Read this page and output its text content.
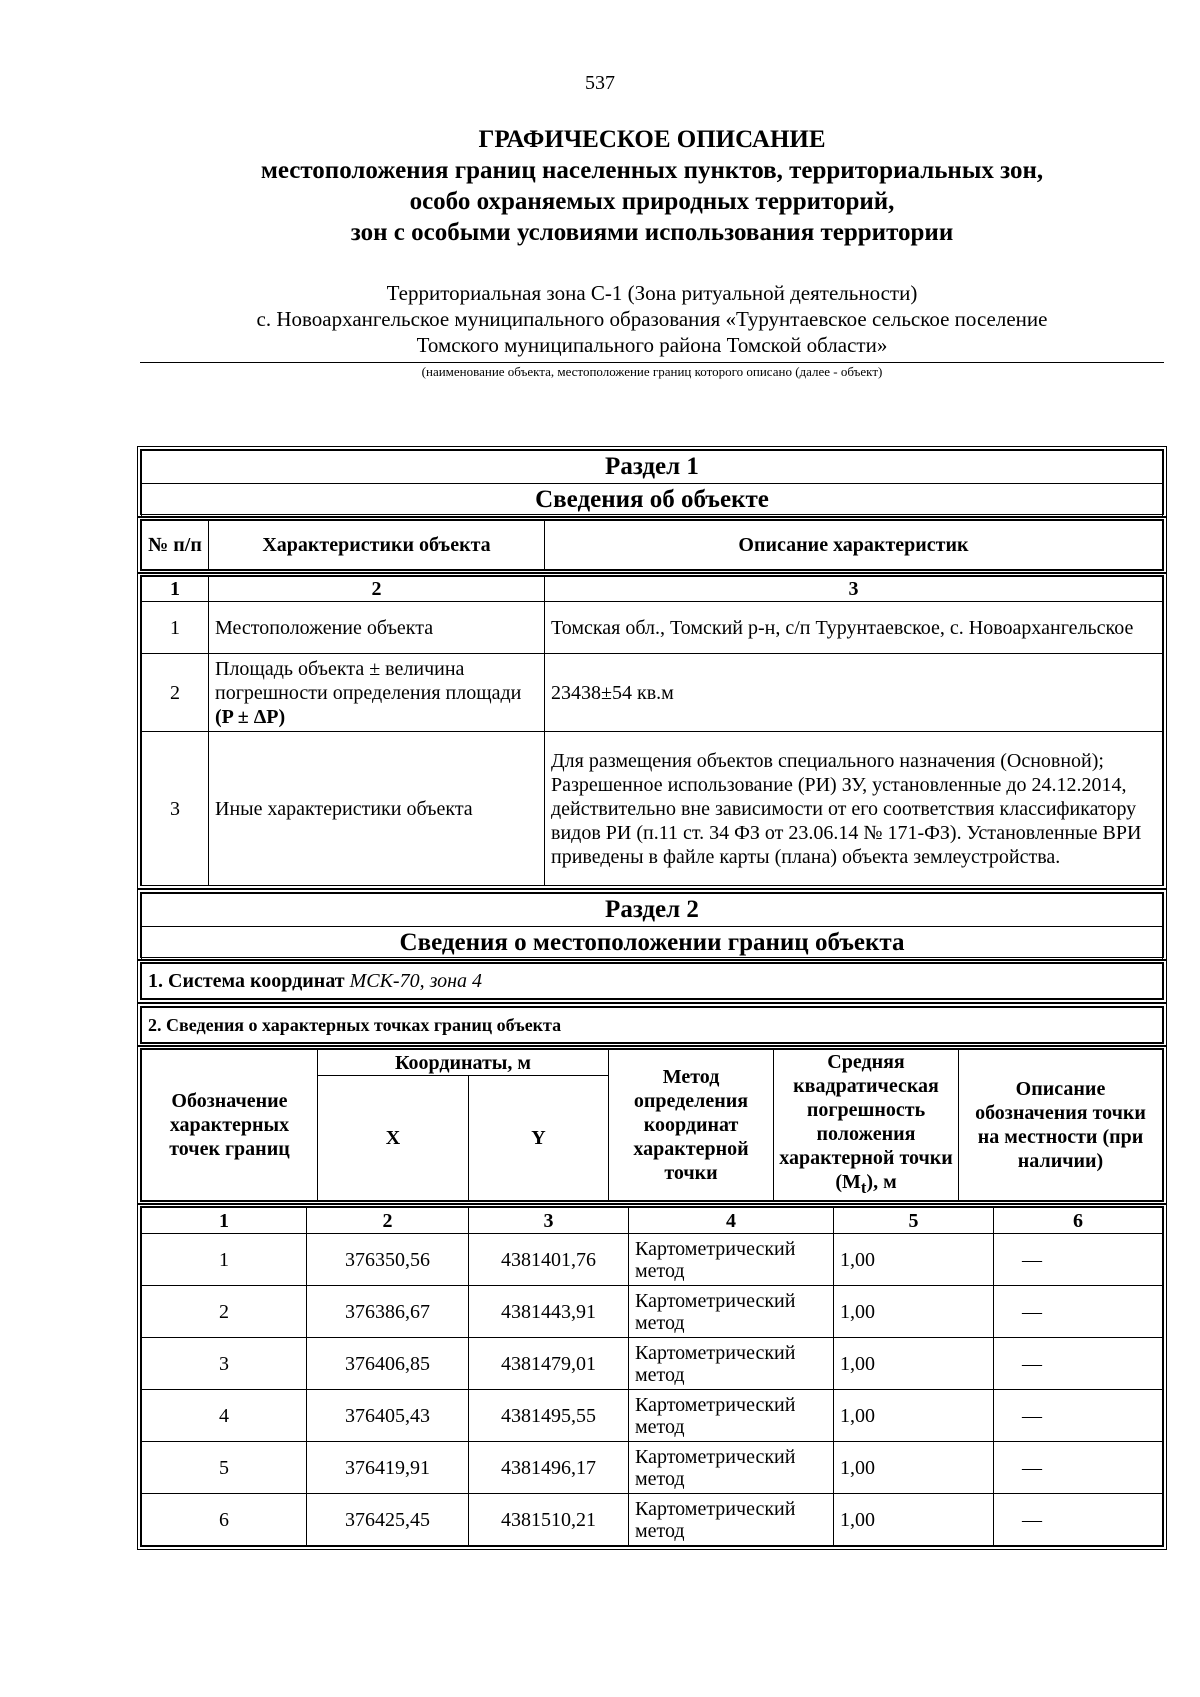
537
ГРАФИЧЕСКОЕ ОПИСАНИЕ
местоположения границ населенных пунктов, территориальных зон,
особо охраняемых природных территорий,
зон с особыми условиями использования территории
Территориальная зона С-1 (Зона ритуальной деятельности)
с. Новоархангельское муниципального образования «Турунтаевское сельское поселение
Томского муниципального района Томской области»
(наименование объекта, местоположение границ которого описано (далее - объект)
Раздел 1
Сведения об объекте
№ п/п	Характеристики объекта	Описание характеристик
1	2	3
1	Местоположение объекта	Томская обл., Томский р-н, с/п Турунтаевское, с. Новоархангельское
2	Площадь объекта ± величина погрешности определения площади (P ± ΔP)	23438±54 кв.м
3	Иные характеристики объекта	Для размещения объектов специального назначения (Основной); Разрешенное использование (РИ) ЗУ, установленные до 24.12.2014, действительно вне зависимости от его соответствия классификатору видов РИ (п.11 ст. 34 ФЗ от 23.06.14 № 171-ФЗ). Установленные ВРИ приведены в файле карты (плана) объекта землеустройства.
Раздел 2
Сведения о местоположении границ объекта
1. Система координат МСК-70, зона 4
2. Сведения о характерных точках границ объекта
Обозначение характерных точек границ	Координаты, м		Метод определения координат характерной точки	Средняя квадратическая погрешность положения характерной точки $(M_t)$, м	Описание обозначения точки на местности (при наличии)
	X	Y			
1	2	3	4	5	6
1	376350,56	4381401,76	Картометрический метод	1,00	—
2	376386,67	4381443,91	Картометрический метод	1,00	—
3	376406,85	4381479,01	Картометрический метод	1,00	—
4	376405,43	4381495,55	Картометрический метод	1,00	—
5	376419,91	4381496,17	Картометрический метод	1,00	—
6	376425,45	4381510,21	Картометрический метод	1,00	—
